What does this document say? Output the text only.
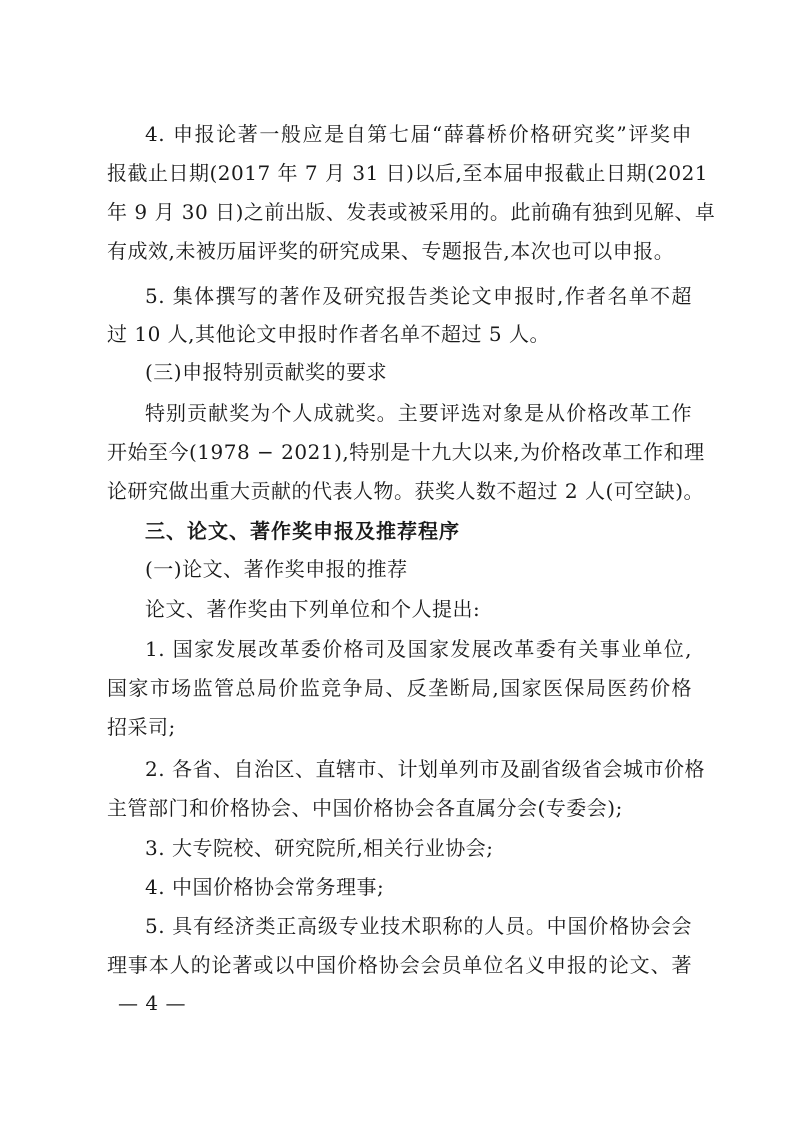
4. 申报论著一般应是自第七届“薛暮桥价格研究奖”评奖申
报截止日期(2017 年 7 月 31 日)以后,至本届申报截止日期(2021
年 9 月 30 日)之前出版、发表或被采用的。此前确有独到见解、卓
有成效,未被历届评奖的研究成果、专题报告,本次也可以申报。
5. 集体撰写的著作及研究报告类论文申报时,作者名单不超
过 10 人,其他论文申报时作者名单不超过 5 人。
(三)申报特别贡献奖的要求
特别贡献奖为个人成就奖。主要评选对象是从价格改革工作
开始至今(1978 − 2021),特别是十九大以来,为价格改革工作和理
论研究做出重大贡献的代表人物。获奖人数不超过 2 人(可空缺)。
三、论文、著作奖申报及推荐程序
(一)论文、著作奖申报的推荐
论文、著作奖由下列单位和个人提出:
1. 国家发展改革委价格司及国家发展改革委有关事业单位,
国家市场监管总局价监竞争局、反垄断局,国家医保局医药价格
招采司;
2. 各省、自治区、直辖市、计划单列市及副省级省会城市价格
主管部门和价格协会、中国价格协会各直属分会(专委会);
3. 大专院校、研究院所,相关行业协会;
4. 中国价格协会常务理事;
5. 具有经济类正高级专业技术职称的人员。中国价格协会会
理事本人的论著或以中国价格协会会员单位名义申报的论文、著
— 4 —
